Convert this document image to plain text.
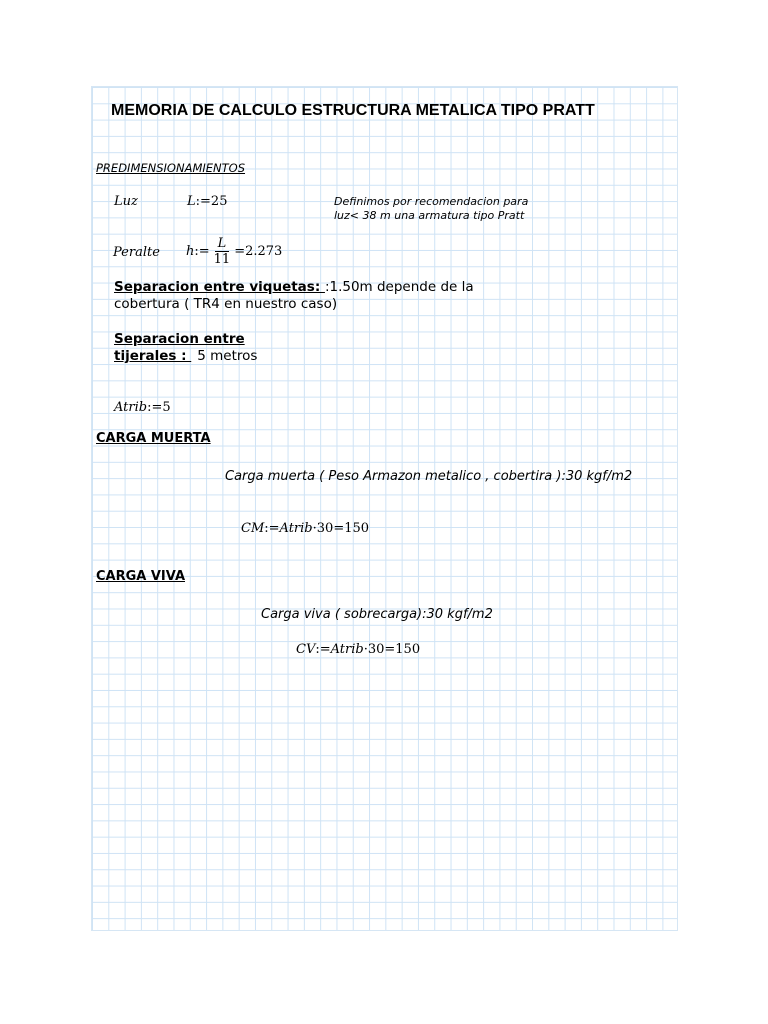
MEMORIA DE CALCULO ESTRUCTURA METALICA TIPO PRATT
PREDIMENSIONAMIENTOS
Luz	L:=25	Definimos por recomendacion para
luz< 38 m una armatura tipo Pratt
Peralte h := $\frac{L}{11} =2.273$
Separacion entre viquetas: :1.50m depende de la
cobertura ( TR4 en nuestro caso)
Separacion entre
tijerales : 5 metros
Atrib:=5
CARGA MUERTA
Carga muerta ( Peso Armazon metalico , cobertira ):30 kgf/m2
CM:=Atrib·30=150
CARGA VIVA
Carga viva ( sobrecarga):30 kgf/m2
CV:=Atrib·30=150
